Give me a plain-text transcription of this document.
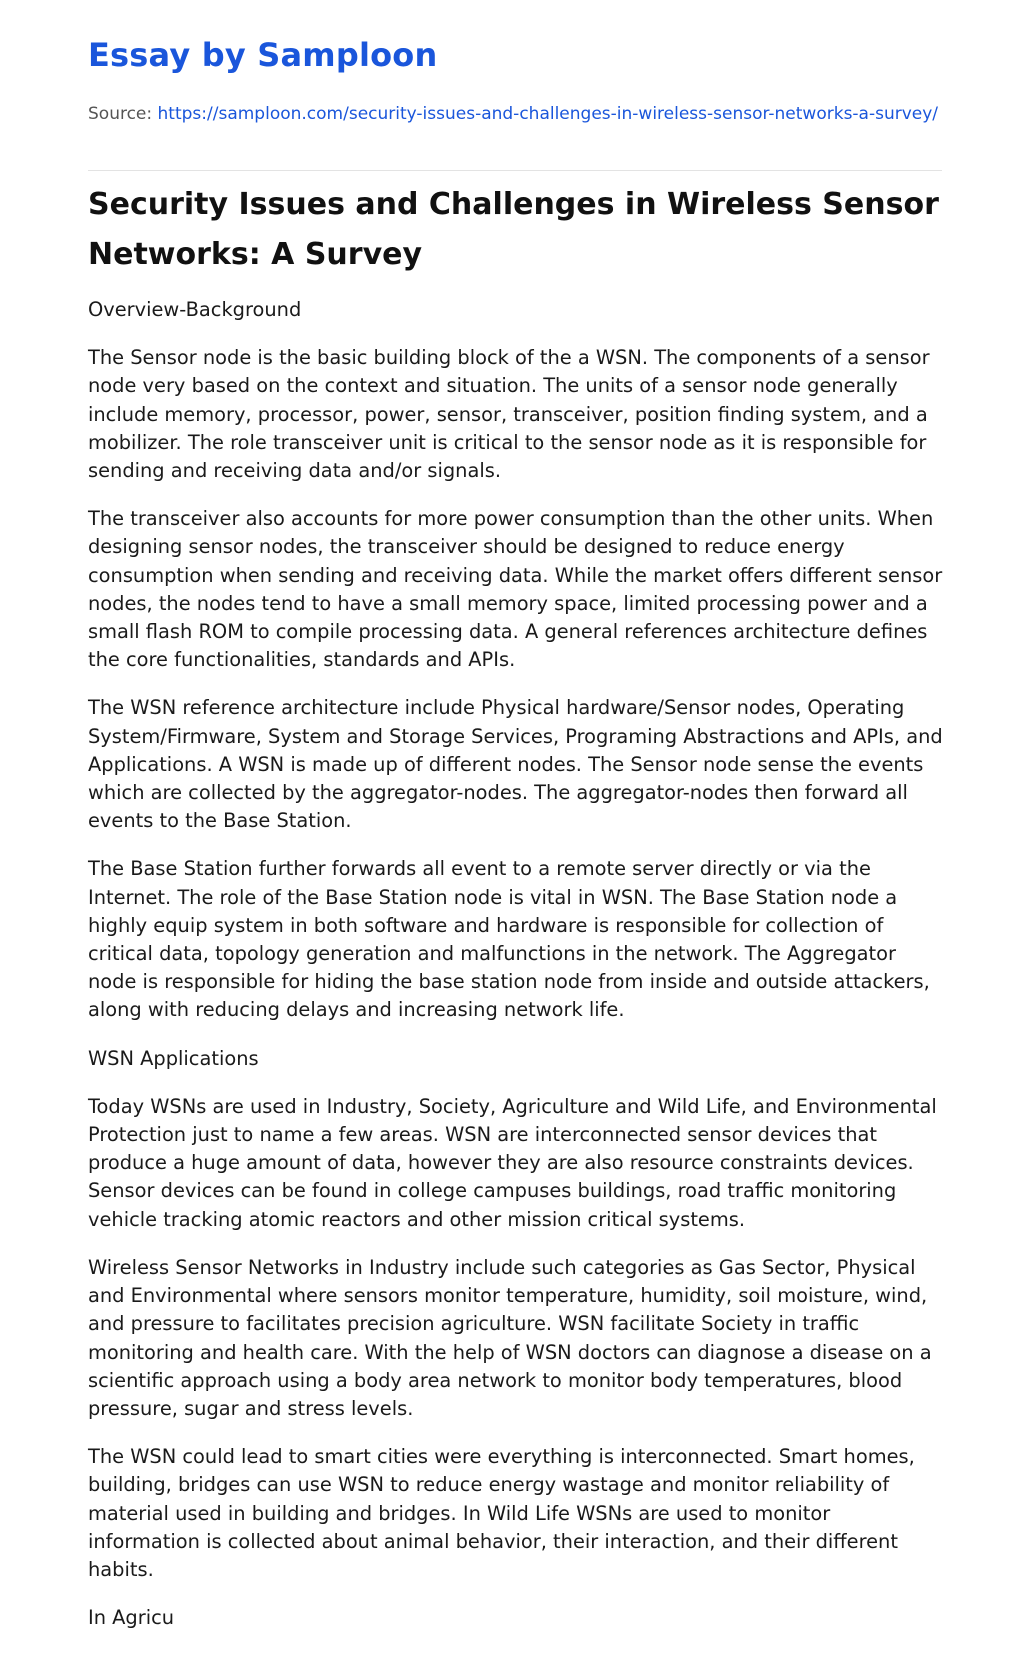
Essay by Samploon
Source: https://samploon.com/security-issues-and-challenges-in-wireless-sensor-networks-a-survey/
Security Issues and Challenges in Wireless Sensor Networks: A Survey

Overview-Background

The Sensor node is the basic building block of the a WSN. The components of a sensor node very based on the context and situation. The units of a sensor node generally include memory, processor, power, sensor, transceiver, position finding system, and a mobilizer. The role transceiver unit is critical to the sensor node as it is responsible for sending and receiving data and/or signals.

The transceiver also accounts for more power consumption than the other units. When designing sensor nodes, the transceiver should be designed to reduce energy consumption when sending and receiving data. While the market offers different sensor nodes, the nodes tend to have a small memory space, limited processing power and a small flash ROM to compile processing data. A general references architecture defines the core functionalities, standards and APIs.

The WSN reference architecture include Physical hardware/Sensor nodes, Operating System/Firmware, System and Storage Services, Programing Abstractions and APIs, and Applications. A WSN is made up of different nodes. The Sensor node sense the events which are collected by the aggregator-nodes. The aggregator-nodes then forward all events to the Base Station.

The Base Station further forwards all event to a remote server directly or via the Internet. The role of the Base Station node is vital in WSN. The Base Station node a highly equip system in both software and hardware is responsible for collection of critical data, topology generation and malfunctions in the network. The Aggregator node is responsible for hiding the base station node from inside and outside attackers, along with reducing delays and increasing network life.

WSN Applications

Today WSNs are used in Industry, Society, Agriculture and Wild Life, and Environmental Protection just to name a few areas. WSN are interconnected sensor devices that produce a huge amount of data, however they are also resource constraints devices. Sensor devices can be found in college campuses buildings, road traffic monitoring vehicle tracking atomic reactors and other mission critical systems.

Wireless Sensor Networks in Industry include such categories as Gas Sector, Physical and Environmental where sensors monitor temperature, humidity, soil moisture, wind, and pressure to facilitates precision agriculture. WSN facilitate Society in traffic monitoring and health care. With the help of WSN doctors can diagnose a disease on a scientific approach using a body area network to monitor body temperatures, blood pressure, sugar and stress levels.

The WSN could lead to smart cities were everything is interconnected. Smart homes, building, bridges can use WSN to reduce energy wastage and monitor reliability of material used in building and bridges. In Wild Life WSNs are used to monitor information is collected about animal behavior, their interaction, and their different habits.

In Agricu
